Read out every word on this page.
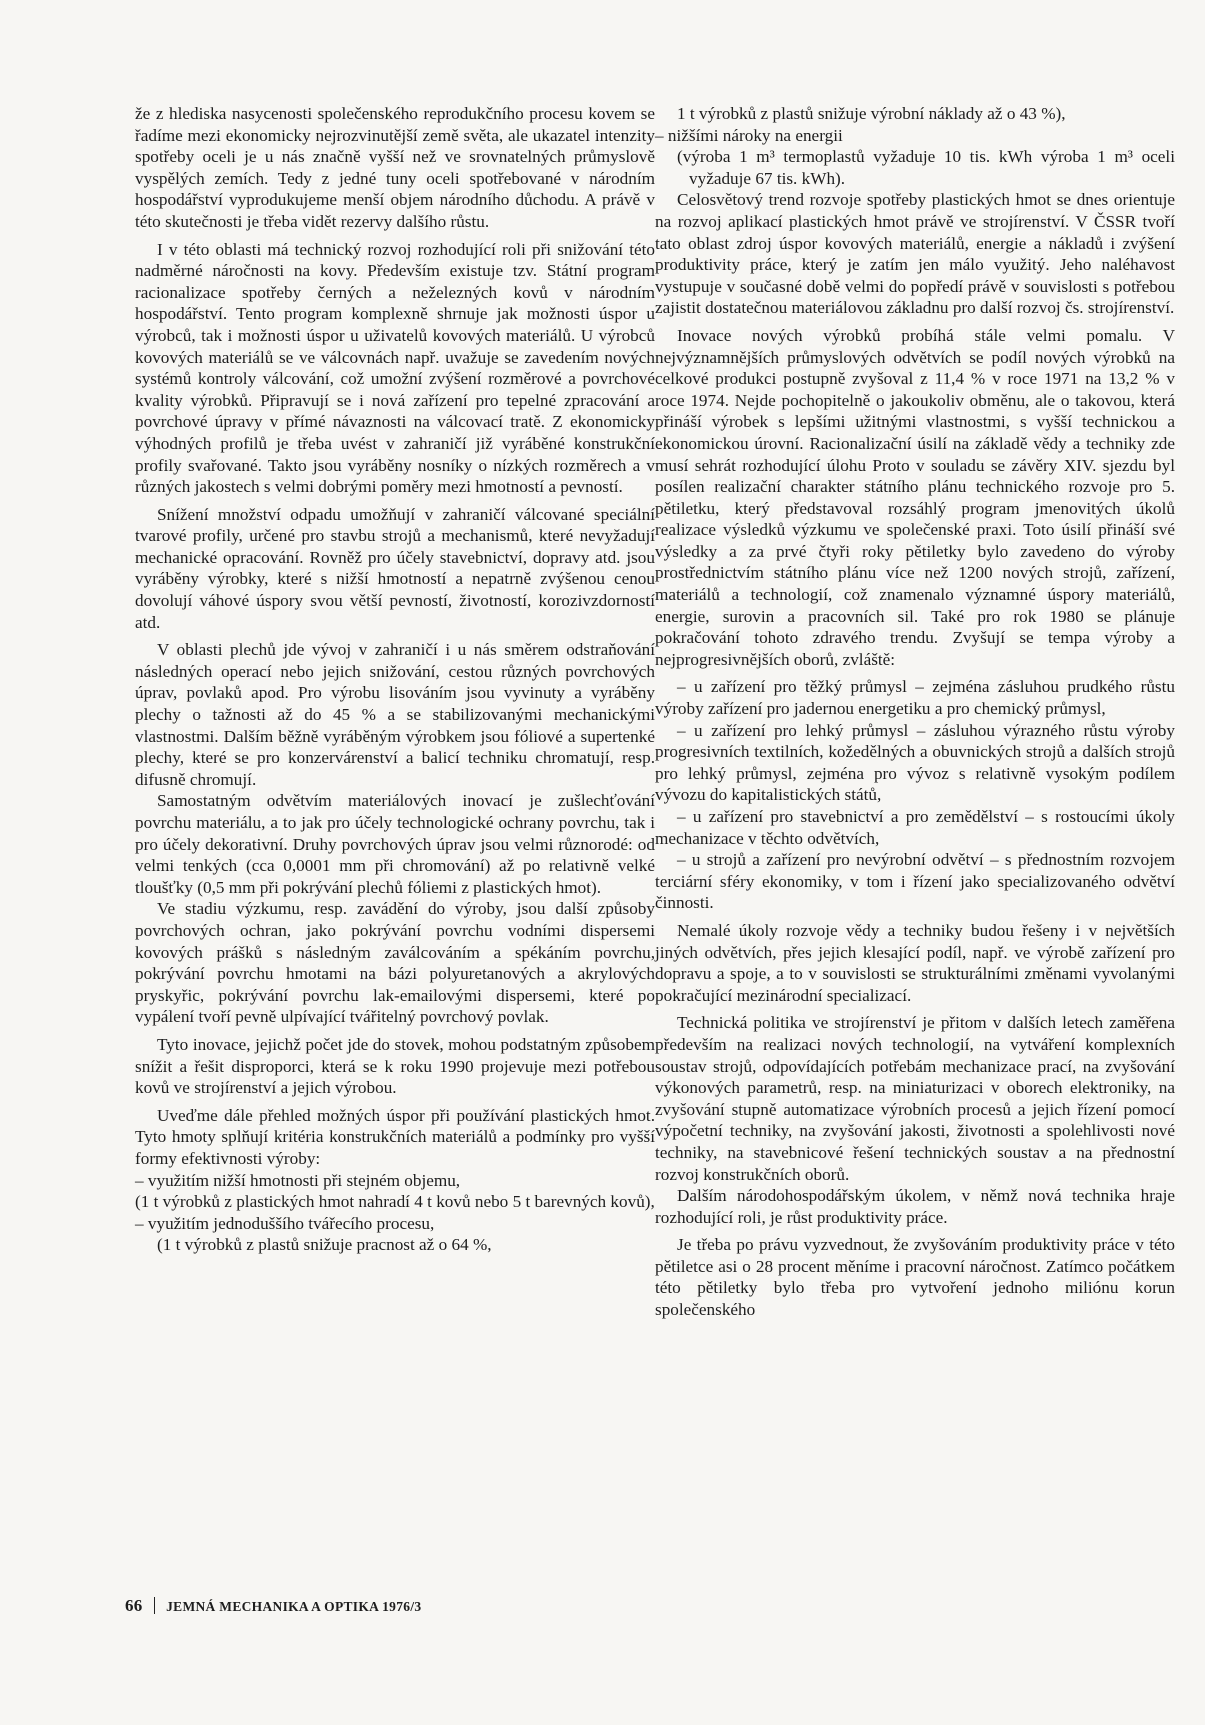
že z hlediska nasycenosti společenského reprodukčního procesu kovem se řadíme mezi ekonomicky nejrozvinutější země světa, ale ukazatel intenzity spotřeby oceli je u nás značně vyšší než ve srovnatelných průmyslově vyspělých zemích. Tedy z jedné tuny oceli spotřebované v národním hospodářství vyprodukujeme menší objem národního důchodu. A právě v této skutečnosti je třeba vidět rezervy dalšího růstu.

I v této oblasti má technický rozvoj rozhodující roli při snižování této nadměrné náročnosti na kovy. Především existuje tzv. Státní program racionalizace spotřeby černých a neželezných kovů v národním hospodářství. Tento program komplexně shrnuje jak možnosti úspor u výrobců, tak i možnosti úspor u uživatelů kovových materiálů. U výrobců kovových materiálů se ve válcovnách např. uvažuje se zavedením nových systémů kontroly válcování, což umožní zvýšení rozměrové a povrchové kvality výrobků. Připravují se i nová zařízení pro tepelné zpracování a povrchové úpravy v přímé návaznosti na válcovací tratě. Z ekonomicky výhodných profilů je třeba uvést v zahraničí již vyráběné konstrukční profily svařované. Takto jsou vyráběny nosníky o nízkých rozměrech a v různých jakostech s velmi dobrými poměry mezi hmotností a pevností.

Snížení množství odpadu umožňují v zahraničí válcované speciální tvarové profily, určené pro stavbu strojů a mechanismů, které nevyžadují mechanické opracování. Rovněž pro účely stavebnictví, dopravy atd. jsou vyráběny výrobky, které s nižší hmotností a nepatrně zvýšenou cenou dovolují váhové úspory svou větší pevností, životností, korozivzdorností atd.

V oblasti plechů jde vývoj v zahraničí i u nás směrem odstraňování následných operací nebo jejich snižování, cestou různých povrchových úprav, povlaků apod. Pro výrobu lisováním jsou vyvinuty a vyráběny plechy o tažnosti až do 45 % a se stabilizovanými mechanickými vlastnostmi. Dalším běžně vyráběným výrobkem jsou fóliové a supertenké plechy, které se pro konzervárenství a balicí techniku chromatují, resp. difusně chromují.

Samostatným odvětvím materiálových inovací je zušlechťování povrchu materiálu, a to jak pro účely technologické ochrany povrchu, tak i pro účely dekorativní. Druhy povrchových úprav jsou velmi různorodé: od velmi tenkých (cca 0,0001 mm při chromování) až po relativně velké tloušťky (0,5 mm při pokrývání plechů fóliemi z plastických hmot).

Ve stadiu výzkumu, resp. zavádění do výroby, jsou další způsoby povrchových ochran, jako pokrývání povrchu vodními dispersemi kovových prášků s následným zaválcováním a spékáním povrchu, pokrývání povrchu hmotami na bázi polyuretanových a akrylových pryskyřic, pokrývání povrchu lak-emailovými dispersemi, které po vypálení tvoří pevně ulpívající tvářitelný povrchový povlak.

Tyto inovace, jejichž počet jde do stovek, mohou podstatným způsobem snížit a řešit disproporci, která se k roku 1990 projevuje mezi potřebou kovů ve strojírenství a jejich výrobou.

Uveďme dále přehled možných úspor při používání plastických hmot. Tyto hmoty splňují kritéria konstrukčních materiálů a podmínky pro vyšší formy efektivnosti výroby:

– využitím nižší hmotnosti při stejném objemu,

(1 t výrobků z plastických hmot nahradí 4 t kovů nebo 5 t barevných kovů),

– využitím jednoduššího tvářecího procesu,

(1 t výrobků z plastů snižuje pracnost až o 64 %,

1 t výrobků z plastů snižuje výrobní náklady až o 43 %),

– nižšími nároky na energii

(výroba 1 m³ termoplastů vyžaduje 10 tis. kWh výroba 1 m³ oceli vyžaduje 67 tis. kWh).

Celosvětový trend rozvoje spotřeby plastických hmot se dnes orientuje na rozvoj aplikací plastických hmot právě ve strojírenství. V ČSSR tvoří tato oblast zdroj úspor kovových materiálů, energie a nákladů i zvýšení produktivity práce, který je zatím jen málo využitý. Jeho naléhavost vystupuje v současné době velmi do popředí právě v souvislosti s potřebou zajistit dostatečnou materiálovou základnu pro další rozvoj čs. strojírenství.

Inovace nových výrobků probíhá stále velmi pomalu. V nejvýznamnějších průmyslových odvětvích se podíl nových výrobků na celkové produkci postupně zvyšoval z 11,4 % v roce 1971 na 13,2 % v roce 1974. Nejde pochopitelně o jakoukoliv obměnu, ale o takovou, která přináší výrobek s lepšími užitnými vlastnostmi, s vyšší technickou a ekonomickou úrovní. Racionalizační úsilí na základě vědy a techniky zde musí sehrát rozhodující úlohu Proto v souladu se závěry XIV. sjezdu byl posílen realizační charakter státního plánu technického rozvoje pro 5. pětiletku, který představoval rozsáhlý program jmenovitých úkolů realizace výsledků výzkumu ve společenské praxi. Toto úsilí přináší své výsledky a za prvé čtyři roky pětiletky bylo zavedeno do výroby prostřednictvím státního plánu více než 1200 nových strojů, zařízení, materiálů a technologií, což znamenalo významné úspory materiálů, energie, surovin a pracovních sil. Také pro rok 1980 se plánuje pokračování tohoto zdravého trendu. Zvyšují se tempa výroby a nejprogresivnějších oborů, zvláště:

– u zařízení pro těžký průmysl – zejména zásluhou prudkého růstu výroby zařízení pro jadernou energetiku a pro chemický průmysl,

– u zařízení pro lehký průmysl – zásluhou výrazného růstu výroby progresivních textilních, kožedělných a obuvnických strojů a dalších strojů pro lehký průmysl, zejména pro vývoz s relativně vysokým podílem vývozu do kapitalistických států,

– u zařízení pro stavebnictví a pro zemědělství – s rostoucími úkoly mechanizace v těchto odvětvích,

– u strojů a zařízení pro nevýrobní odvětví – s přednostním rozvojem terciární sféry ekonomiky, v tom i řízení jako specializovaného odvětví činnosti.

Nemalé úkoly rozvoje vědy a techniky budou řešeny i v největších jiných odvětvích, přes jejich klesající podíl, např. ve výrobě zařízení pro dopravu a spoje, a to v souvislosti se strukturálními změnami vyvolanými pokračující mezinárodní specializací.

Technická politika ve strojírenství je přitom v dalších letech zaměřena především na realizaci nových technologií, na vytváření komplexních soustav strojů, odpovídajících potřebám mechanizace prací, na zvyšování výkonových parametrů, resp. na miniaturizaci v oborech elektroniky, na zvyšování stupně automatizace výrobních procesů a jejich řízení pomocí výpočetní techniky, na zvyšování jakosti, životnosti a spolehlivosti nové techniky, na stavebnicové řešení technických soustav a na přednostní rozvoj konstrukčních oborů.

Dalším národohospodářským úkolem, v němž nová technika hraje rozhodující roli, je růst produktivity práce.

Je třeba po právu vyzvednout, že zvyšováním produktivity práce v této pětiletce asi o 28 procent měníme i pracovní náročnost. Zatímco počátkem této pětiletky bylo třeba pro vytvoření jednoho miliónu korun společenského

66 JEMNÁ MECHANIKA A OPTIKA 1976/3
